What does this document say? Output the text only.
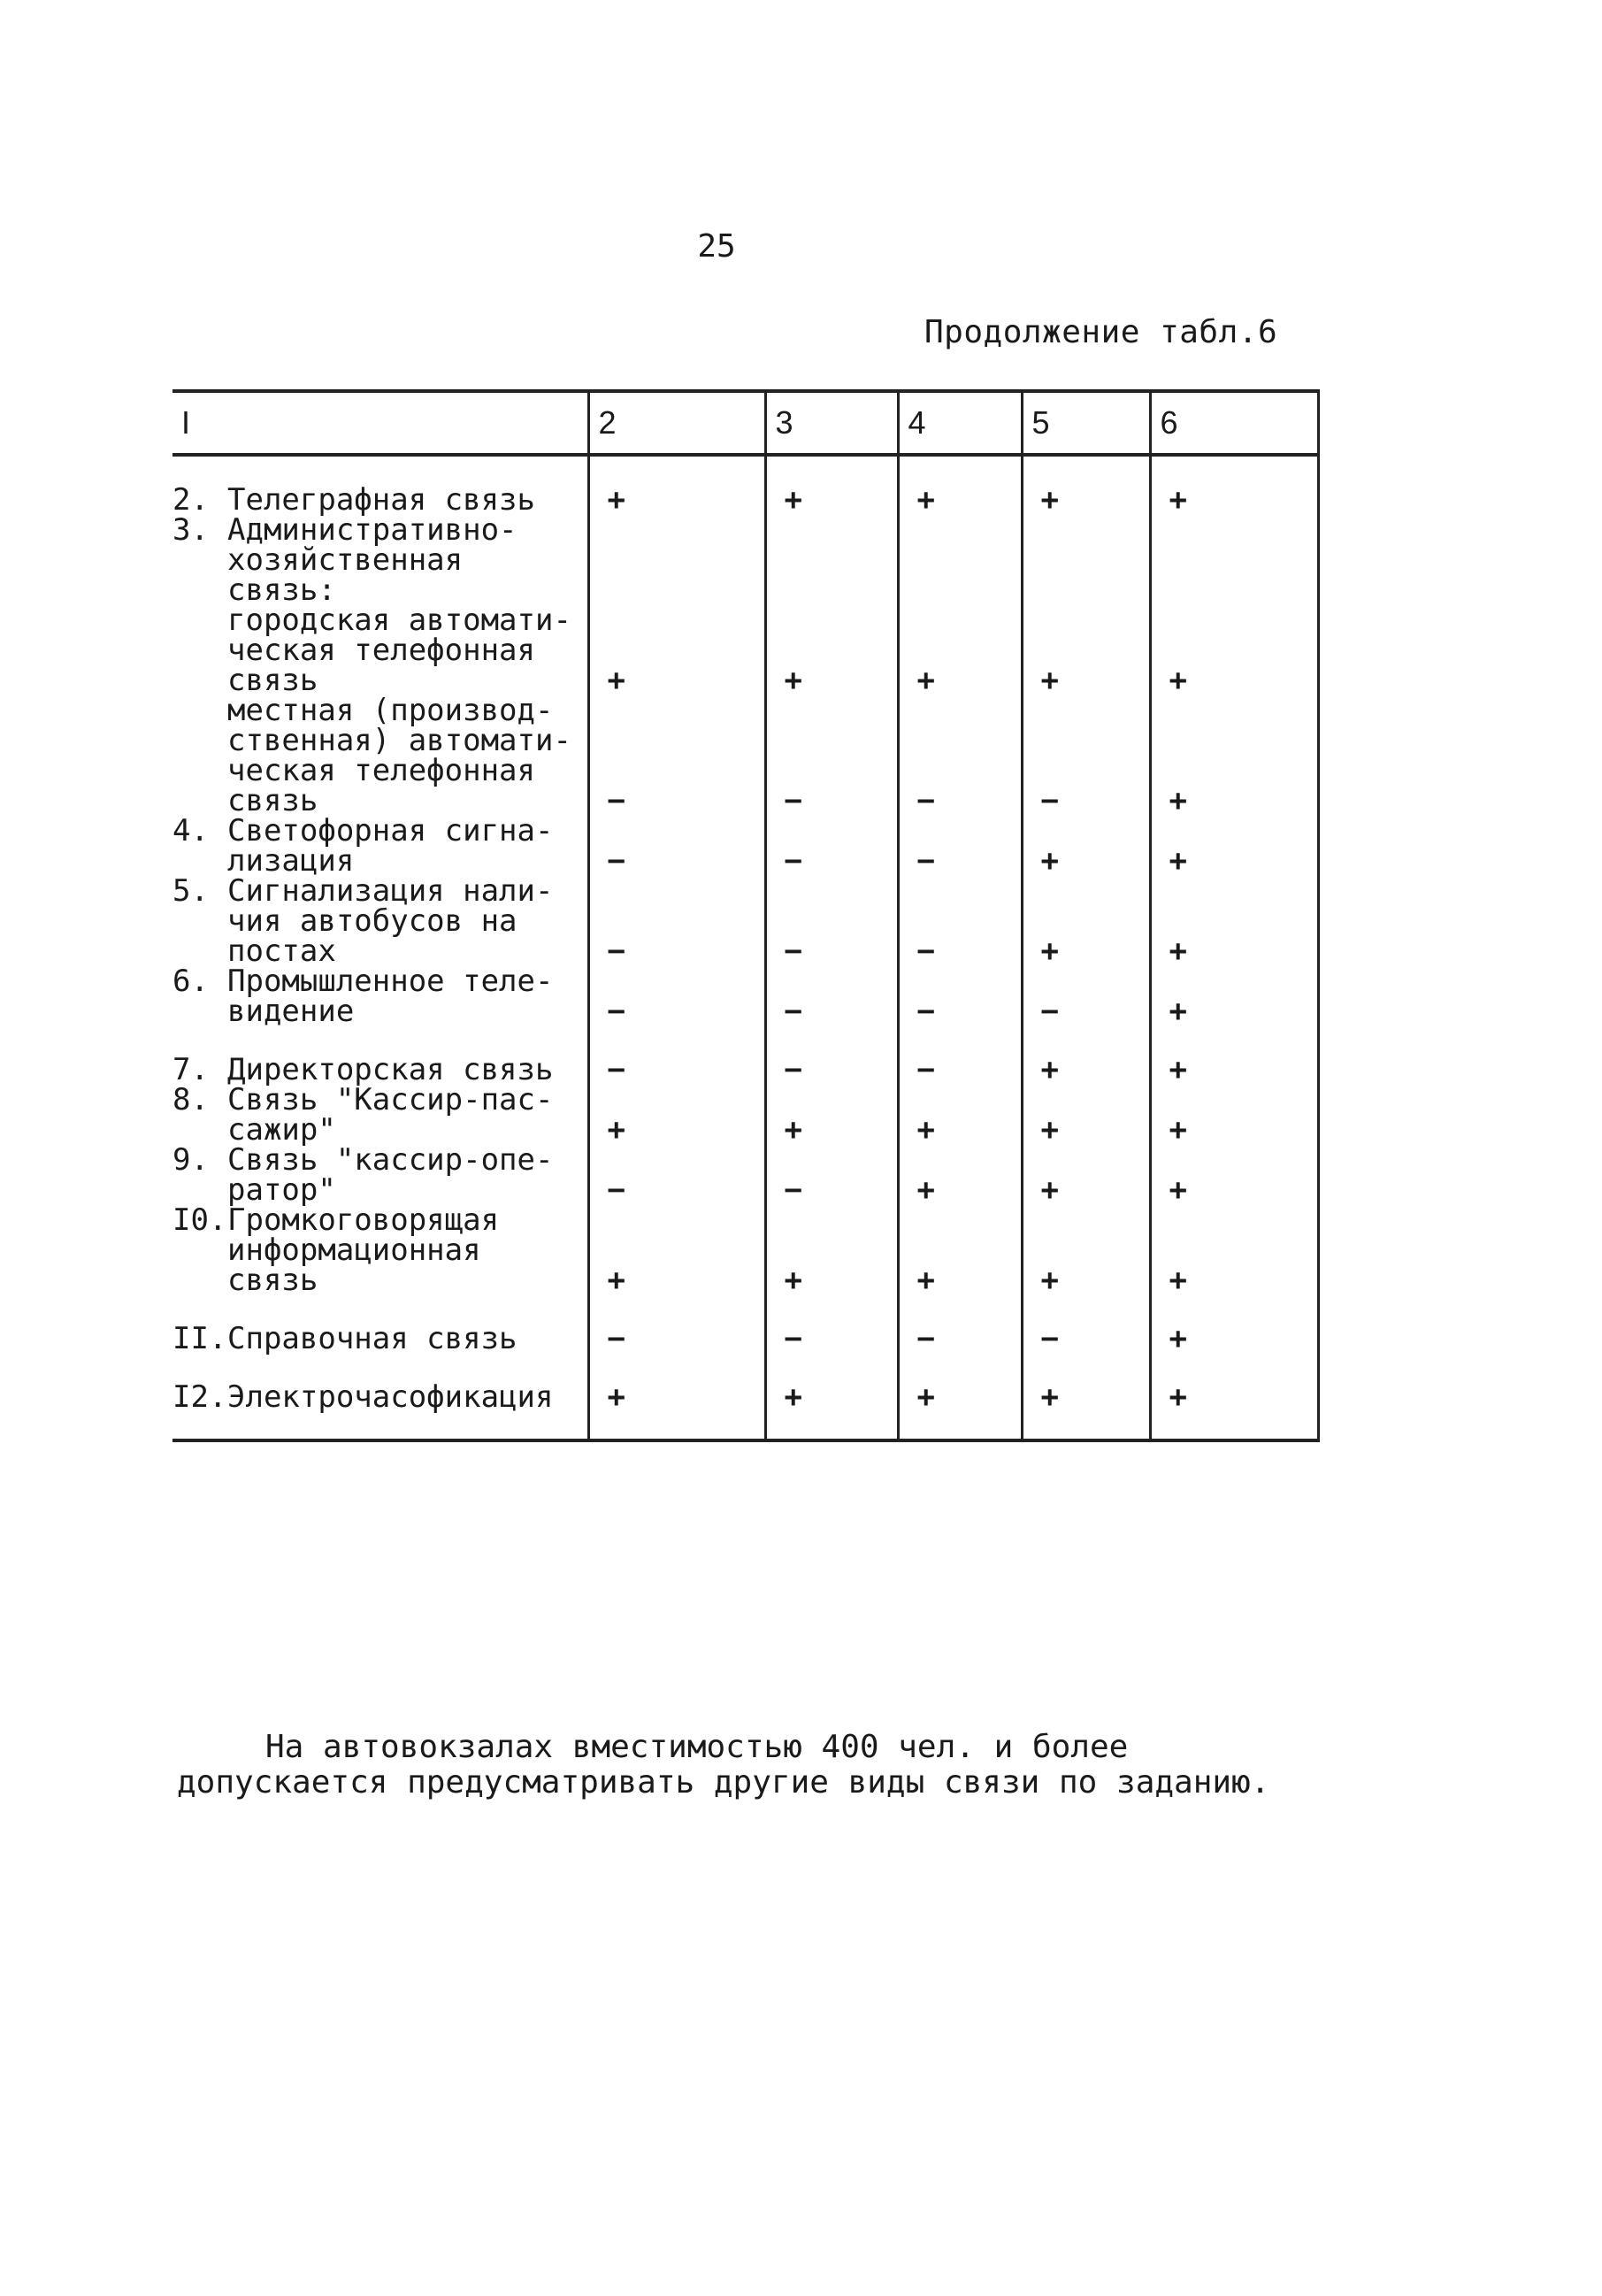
25
Продолжение табл.6
I	2	3	4	5	6

2. Телеграфная связь	+	+	+	+	+

3. Административно-
хозяйственная
связь:					

городская автомати-
ческая телефонная
связь	+	+	+	+	+

местная (производ-
ственная) автомати-
ческая телефонная
связь	−	−	−	−	+

4. Светофорная сигна-
лизация	−	−	−	+	+

5. Сигнализация нали-
чия автобусов на
постах	−	−	−	+	+

6. Промышленное теле-
видение	−	−	−	−	+

7. Директорская связь	−	−	−	+	+

8. Связь "Кассир-пас-
сажир"	+	+	+	+	+

9. Связь "кассир-опе-
ратор"	−	−	+	+	+

I0. Громкоговорящая
информационная
связь	+	+	+	+	+

II. Справочная связь	−	−	−	−	+

I2. Электрочасофикация	+	+	+	+	+

На автовокзалах вместимостью 400 чел. и более допускается предусматривать другие виды связи по заданию.
